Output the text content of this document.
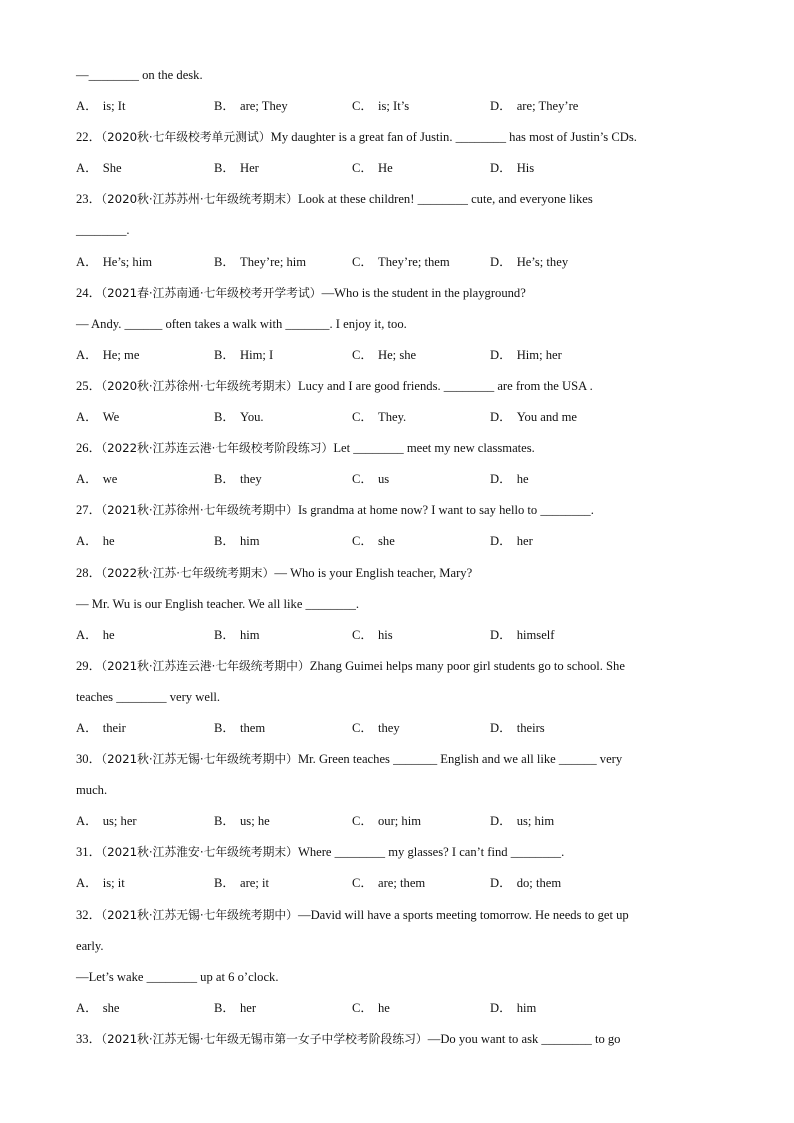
—________ on the desk.
A． is; It	B． are; They	C． is; It’s	D． are; They’re
22．（2020秋·七年级校考单元测试）My daughter is a great fan of Justin. ________ has most of Justin’s CDs.
A． She	B． Her	C． He	D． His
23．（2020秋·江苏苏州·七年级统考期末）Look at these children! ________ cute, and everyone likes
________.
A． He’s; him	B． They’re; him	C． They’re; them	D． He’s; they
24．（2021春·江苏南通·七年级校考开学考试）—Who is the student in the playground?
— Andy. ______ often takes a walk with _______. I enjoy it, too.
A． He; me	B． Him; I	C． He; she	D． Him; her
25．（2020秋·江苏徐州·七年级统考期末）Lucy and I are good friends. ________ are from the USA .
A． We	B． You.	C． They.	D． You and me
26．（2022秋·江苏连云港·七年级校考阶段练习）Let ________ meet my new classmates.
A． we	B． they	C． us	D． he
27．（2021秋·江苏徐州·七年级统考期中）Is grandma at home now? I want to say hello to ________.
A． he	B． him	C． she	D． her
28．（2022秋·江苏·七年级统考期末）— Who is your English teacher, Mary?
— Mr. Wu is our English teacher. We all like ________.
A． he	B． him	C． his	D． himself
29．（2021秋·江苏连云港·七年级统考期中）Zhang Guimei helps many poor girl students go to school. She
teaches ________ very well.
A． their	B． them	C． they	D． theirs
30．（2021秋·江苏无锡·七年级统考期中）Mr. Green teaches _______ English and we all like ______ very
much.
A． us; her	B． us; he	C． our; him	D． us; him
31．（2021秋·江苏淮安·七年级统考期末）Where ________ my glasses? I can’t find ________.
A． is; it	B． are; it	C． are; them	D． do; them
32．（2021秋·江苏无锡·七年级统考期中）—David will have a sports meeting tomorrow. He needs to get up
early.
—Let’s wake ________ up at 6 o’clock.
A． she	B． her	C． he	D． him
33．（2021秋·江苏无锡·七年级无锡市第一女子中学校考阶段练习）—Do you want to ask ________ to go
